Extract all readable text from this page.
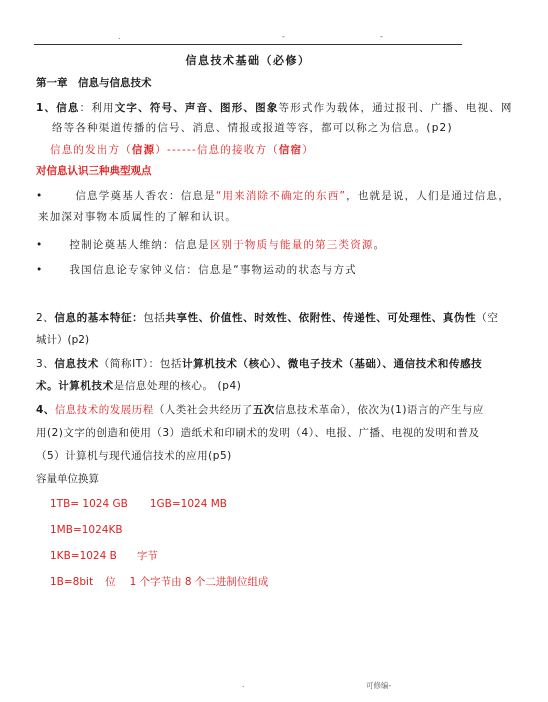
.	-	-
信息技术基础（必修）
第一章　信息与信息技术
1、信息：利用文字、符号、声音、图形、图象等形式作为载体，通过报刊、广播、电视、网
络等各种渠道传播的信号、消息、情报或报道等容，都可以称之为信息。(p2)
信息的发出方（信源）------信息的接收方（信宿）
对信息认识三种典型观点
•	信息学奠基人香农：信息是“用来消除不确定的东西”，也就是说，人们是通过信息，
来加深对事物本质属性的了解和认识。
• 控制论奠基人维纳：信息是区别于物质与能量的第三类资源。
• 我国信息论专家钟义信：信息是“事物运动的状态与方式
2、信息的基本特征：包括共享性、价值性、时效性、依附性、传递性、可处理性、真伪性（空
城计）(p2)
3、信息技术（简称IT）：包括计算机技术（核心）、微电子技术（基础）、通信技术和传感技
术。计算机技术是信息处理的核心。 (p4)
4、信息技术的发展历程（人类社会共经历了五次信息技术革命），依次为(1)语言的产生与应
用(2)文字的创造和使用（3）造纸术和印刷术的发明（4）、电报、广播、电视的发明和普及
（5）计算机与现代通信技术的应用(p5)
容量单位换算
1TB= 1024 GB 1GB=1024 MB
1MB=1024KB
1KB=1024 B 字节
1B=8bit 位 1 个字节由 8 个二进制位组成
.	可修编-
